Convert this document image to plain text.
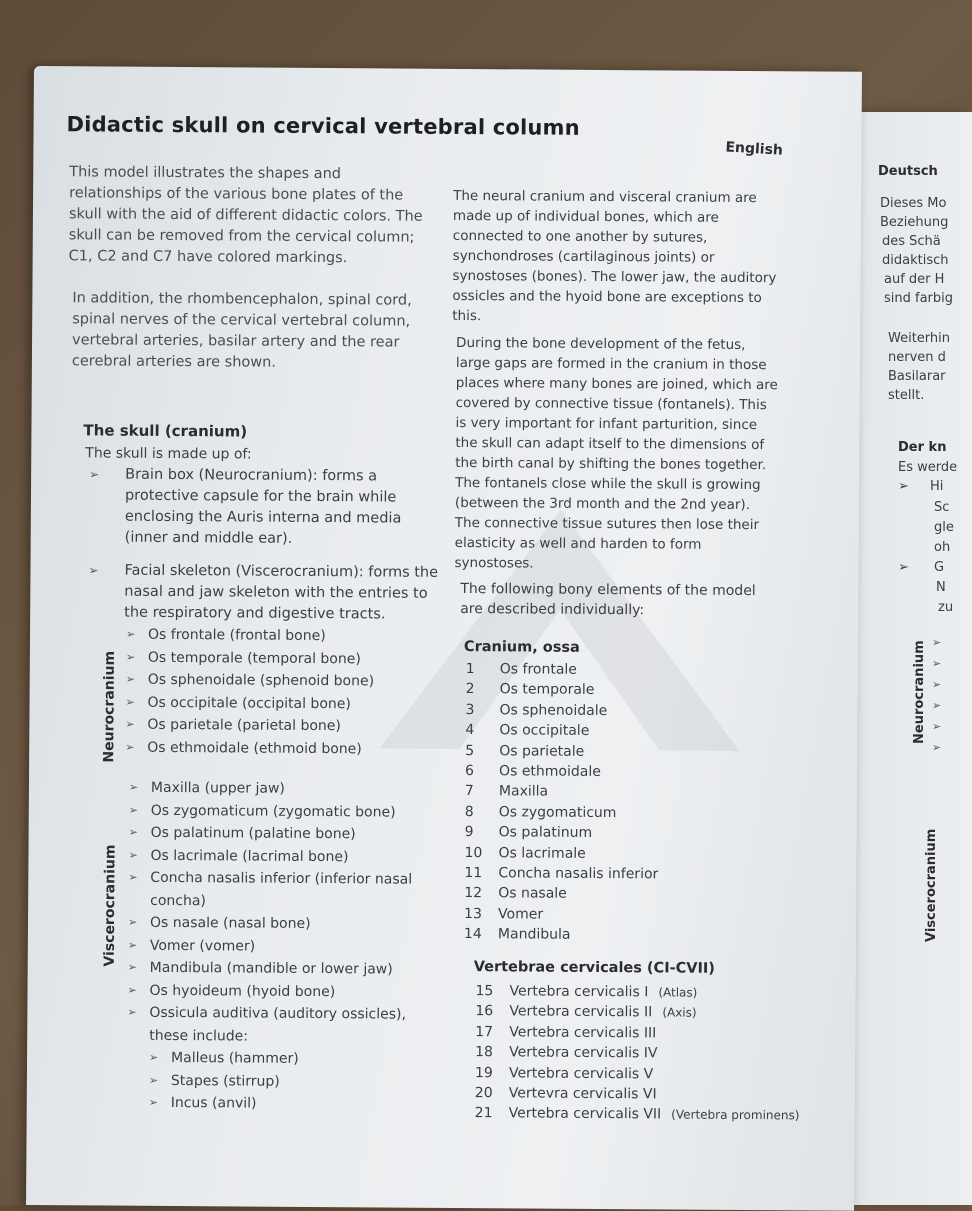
Deutsch
Dieses Mo
Beziehung
des Schä
didaktisch
auf der H
sind farbig
Weiterhin
nerven d
Basilarar
stellt.
Der kn
Es werde
➢ Hi
Sc
gle
oh
➢ G
N
zu
Neurocranium ➢
➢
➢
➢
➢
➢
Viscerocranium
Didactic skull on cervical vertebral column
English
This model illustrates the shapes and relationships of the various bone plates of the skull with the aid of different didactic colors. The skull can be removed from the cervical column; C1, C2 and C7 have colored markings.
In addition, the rhombencephalon, spinal cord, spinal nerves of the cervical vertebral column, vertebral arteries, basilar artery and the rear cerebral arteries are shown.
The skull (cranium)
The skull is made up of:
➢ Brain box (Neurocranium): forms a protective capsule for the brain while enclosing the Auris interna and media (inner and middle ear).
➢ Facial skeleton (Viscerocranium): forms the nasal and jaw skeleton with the entries to the respiratory and digestive tracts.
Neurocranium
➢ Os frontale (frontal bone)
➢ Os temporale (temporal bone)
➢ Os sphenoidale (sphenoid bone)
➢ Os occipitale (occipital bone)
➢ Os parietale (parietal bone)
➢ Os ethmoidale (ethmoid bone)
Viscerocranium
➢ Maxilla (upper jaw)
➢ Os zygomaticum (zygomatic bone)
➢ Os palatinum (palatine bone)
➢ Os lacrimale (lacrimal bone)
➢ Concha nasalis inferior (inferior nasal concha)
➢ Os nasale (nasal bone)
➢ Vomer (vomer)
➢ Mandibula (mandible or lower jaw)
➢ Os hyoideum (hyoid bone)
➢ Ossicula auditiva (auditory ossicles),
these include:
➢ Malleus (hammer)
➢ Stapes (stirrup)
➢ Incus (anvil)
The neural cranium and visceral cranium are made up of individual bones, which are connected to one another by sutures, synchondroses (cartilaginous joints) or synostoses (bones). The lower jaw, the auditory ossicles and the hyoid bone are exceptions to this.
During the bone development of the fetus, large gaps are formed in the cranium in those places where many bones are joined, which are covered by connective tissue (fontanels). This is very important for infant parturition, since the skull can adapt itself to the dimensions of the birth canal by shifting the bones together. The fontanels close while the skull is growing (between the 3rd month and the 2nd year). The connective tissue sutures then lose their elasticity as well and harden to form synostoses.
The following bony elements of the model are described individually:
Cranium, ossa
1	Os frontale
2	Os temporale
3	Os sphenoidale
4	Os occipitale
5	Os parietale
6	Os ethmoidale
7	Maxilla
8	Os zygomaticum
9	Os palatinum
10	Os lacrimale
11	Concha nasalis inferior
12	Os nasale
13	Vomer
14	Mandibula
Vertebrae cervicales (CI-CVII)
15	Vertebra cervicalis I (Atlas)
16	Vertebra cervicalis II (Axis)
17	Vertebra cervicalis III
18	Vertebra cervicalis IV
19	Vertebra cervicalis V
20	Vertevra cervicalis VI
21	Vertebra cervicalis VII (Vertebra prominens)
